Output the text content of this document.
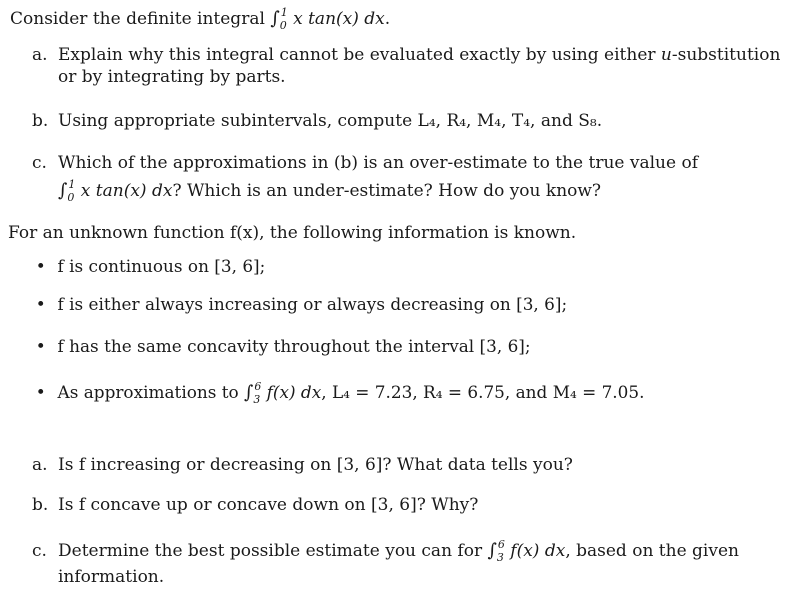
Consider the definite integral $\int_0^1$ x tan(x) dx.
a. Explain why this integral cannot be evaluated exactly by using either u-substitution
or by integrating by parts.
b. Using appropriate subintervals, compute L₄, R₄, M₄, T₄, and S₈.
c. Which of the approximations in (b) is an over-estimate to the true value of
$\int_0^1$ x tan(x) dx? Which is an under-estimate? How do you know?
For an unknown function f(x), the following information is known.
• f is continuous on [3, 6];
• f is either always increasing or always decreasing on [3, 6];
• f has the same concavity throughout the interval [3, 6];
• As approximations to $\int_3^6$ f(x) dx, L₄ = 7.23, R₄ = 6.75, and M₄ = 7.05.
a. Is f increasing or decreasing on [3, 6]? What data tells you?
b. Is f concave up or concave down on [3, 6]? Why?
c. Determine the best possible estimate you can for $\int_3^6$ f(x) dx, based on the given
information.
